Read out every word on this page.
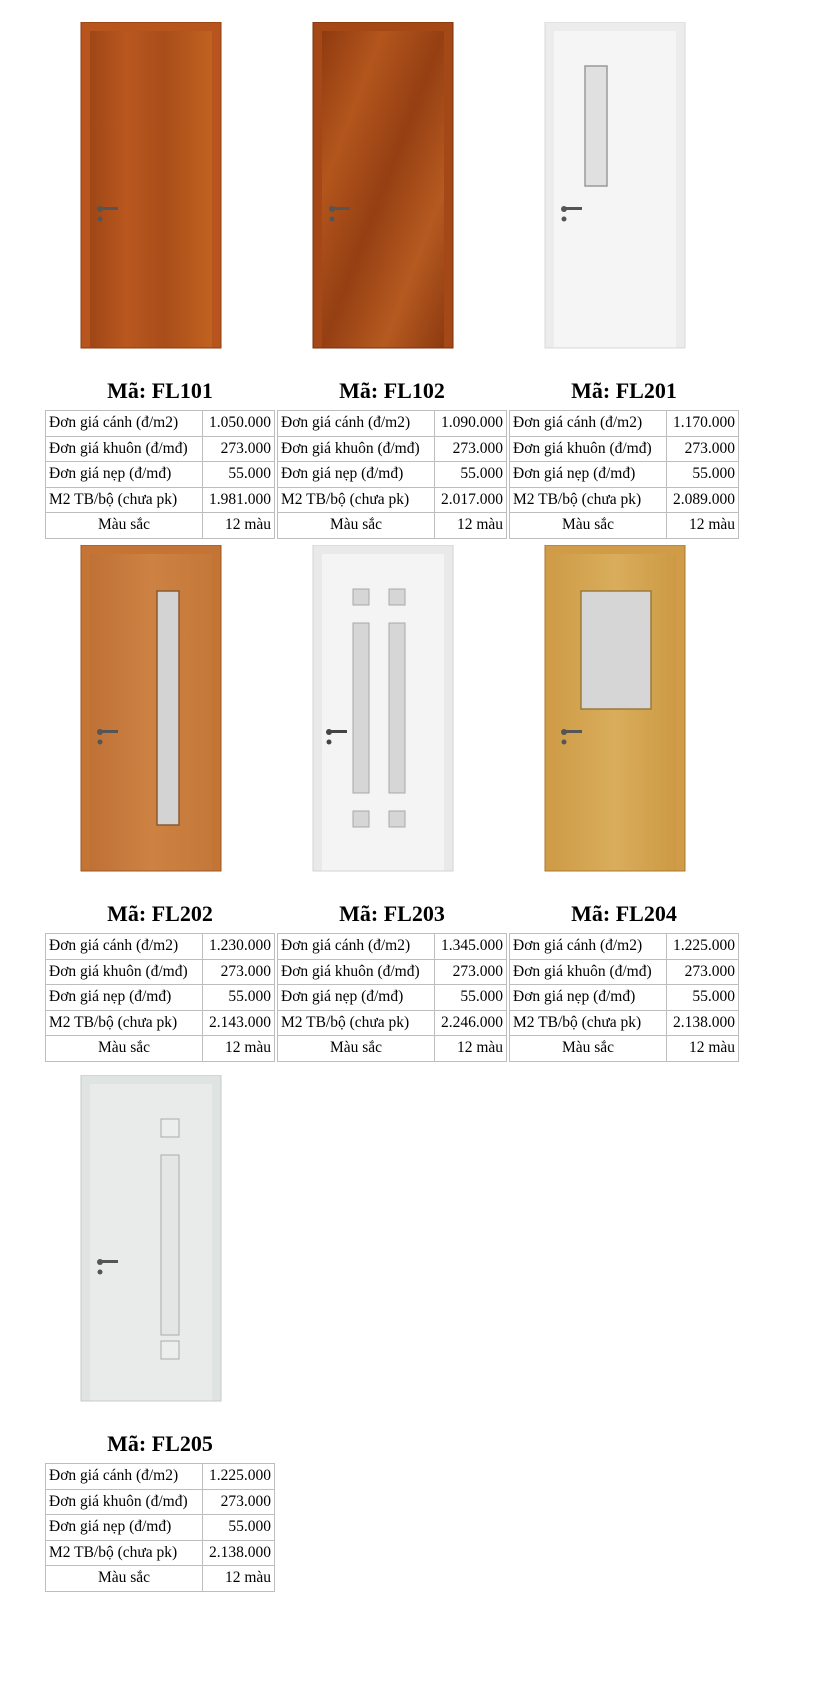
Mã: FL101
Đơn giá cánh (đ/m2)	1.050.000
Đơn giá khuôn (đ/mđ)	273.000
Đơn giá nẹp (đ/mđ)	55.000
M2 TB/bộ (chưa pk)	1.981.000
Màu sắc	12 màu
Mã: FL102
Đơn giá cánh (đ/m2)	1.090.000
Đơn giá khuôn (đ/mđ)	273.000
Đơn giá nẹp (đ/mđ)	55.000
M2 TB/bộ (chưa pk)	2.017.000
Màu sắc	12 màu
Mã: FL201
Đơn giá cánh (đ/m2)	1.170.000
Đơn giá khuôn (đ/mđ)	273.000
Đơn giá nẹp (đ/mđ)	55.000
M2 TB/bộ (chưa pk)	2.089.000
Màu sắc	12 màu
Mã: FL202
Đơn giá cánh (đ/m2)	1.230.000
Đơn giá khuôn (đ/mđ)	273.000
Đơn giá nẹp (đ/mđ)	55.000
M2 TB/bộ (chưa pk)	2.143.000
Màu sắc	12 màu
Mã: FL203
Đơn giá cánh (đ/m2)	1.345.000
Đơn giá khuôn (đ/mđ)	273.000
Đơn giá nẹp (đ/mđ)	55.000
M2 TB/bộ (chưa pk)	2.246.000
Màu sắc	12 màu
Mã: FL204
Đơn giá cánh (đ/m2)	1.225.000
Đơn giá khuôn (đ/mđ)	273.000
Đơn giá nẹp (đ/mđ)	55.000
M2 TB/bộ (chưa pk)	2.138.000
Màu sắc	12 màu
Mã: FL205
Đơn giá cánh (đ/m2)	1.225.000
Đơn giá khuôn (đ/mđ)	273.000
Đơn giá nẹp (đ/mđ)	55.000
M2 TB/bộ (chưa pk)	2.138.000
Màu sắc	12 màu
